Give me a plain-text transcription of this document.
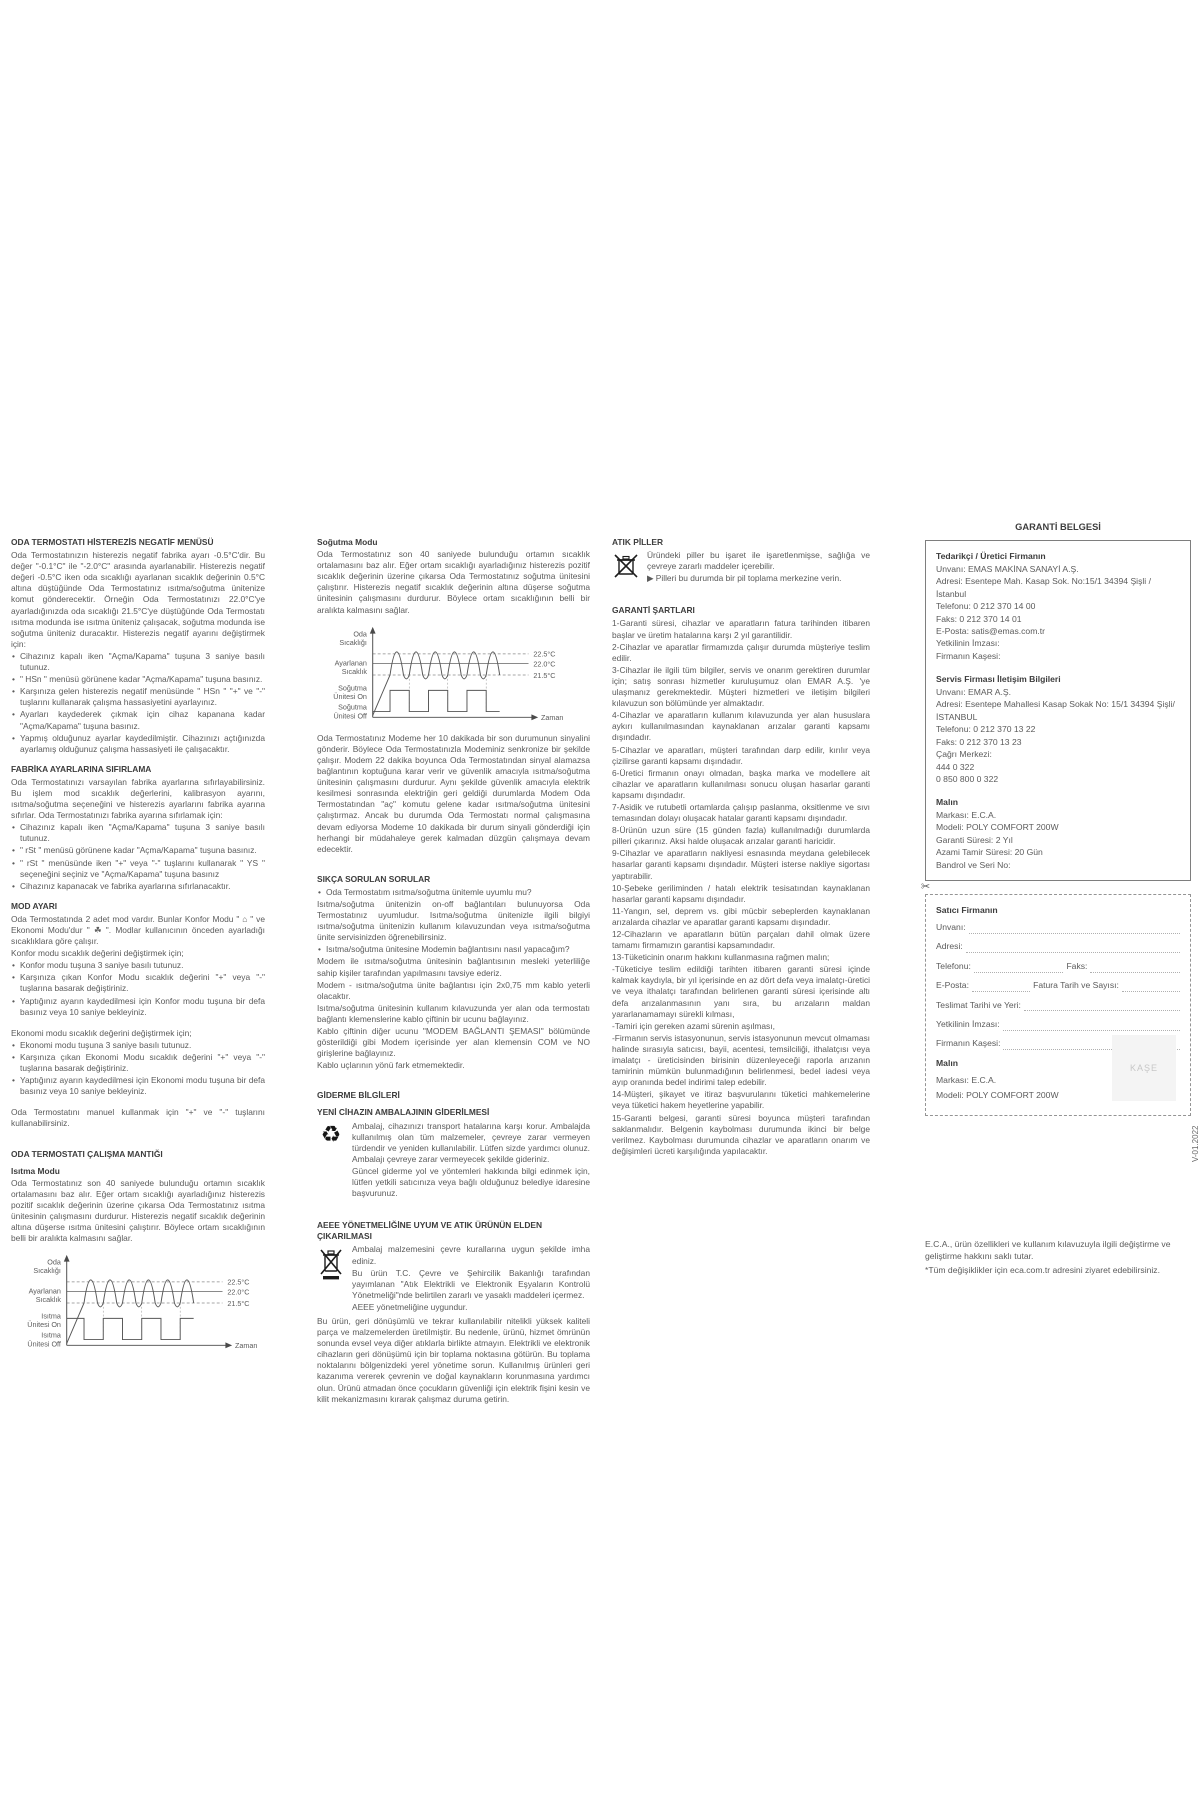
ODA TERMOSTATI HİSTEREZİS NEGATİF MENÜSÜ
Oda Termostatınızın histerezis negatif fabrika ayarı -0.5°C'dir. Bu değer "-0.1°C" ile "-2.0°C" arasında ayarlanabilir. Histerezis negatif değeri -0.5°C iken oda sıcaklığı ayarlanan sıcaklık değerinin 0.5°C altına düştüğünde Oda Termostatınız ısıtma/soğutma ünitenize komut gönderecektir. Örneğin Oda Termostatınızı 22.0°C'ye ayarladığınızda oda sıcaklığı 21.5°C'ye düştüğünde Oda Termostatı ısıtma modunda ise ısıtma üniteniz çalışacak, soğutma modunda ise soğutma üniteniz duracaktır. Histerezis negatif ayarını değiştirmek için:
• Cihazınız kapalı iken "Açma/Kapama" tuşuna 3 saniye basılı tutunuz.
• " HSn " menüsü görünene kadar "Açma/Kapama" tuşuna basınız.
• Karşınıza gelen histerezis negatif menüsünde " HSn " "+" ve "-" tuşlarını kullanarak çalışma hassasiyetini ayarlayınız.
• Ayarları kaydederek çıkmak için cihaz kapanana kadar "Açma/Kapama" tuşuna basınız.
• Yapmış olduğunuz ayarlar kaydedilmiştir. Cihazınızı açtığınızda ayarlamış olduğunuz çalışma hassasiyeti ile çalışacaktır.
FABRİKA AYARLARINA SIFIRLAMA
Oda Termostatınızı varsayılan fabrika ayarlarına sıfırlayabilirsiniz. Bu işlem mod sıcaklık değerlerini, kalibrasyon ayarını, ısıtma/soğutma seçeneğini ve histerezis ayarlarını fabrika ayarına sıfırlar. Oda Termostatınızı fabrika ayarına sıfırlamak için:
• Cihazınız kapalı iken "Açma/Kapama" tuşuna 3 saniye basılı tutunuz.
• " rSt " menüsü görünene kadar "Açma/Kapama" tuşuna basınız.
• " rSt " menüsünde iken "+" veya "-" tuşlarını kullanarak " YS " seçeneğini seçiniz ve "Açma/Kapama" tuşuna basınız
• Cihazınız kapanacak ve fabrika ayarlarına sıfırlanacaktır.
MOD AYARI
Oda Termostatında 2 adet mod vardır. Bunlar Konfor Modu " ⌂ " ve Ekonomi Modu'dur " ☘ ". Modlar kullanıcının önceden ayarladığı sıcaklıklara göre çalışır.
Konfor modu sıcaklık değerini değiştirmek için;
• Konfor modu tuşuna 3 saniye basılı tutunuz.
• Karşınıza çıkan Konfor Modu sıcaklık değerini "+" veya "-" tuşlarına basarak değiştiriniz.
• Yaptığınız ayarın kaydedilmesi için Konfor modu tuşuna bir defa basınız veya 10 saniye bekleyiniz.
Ekonomi modu sıcaklık değerini değiştirmek için;
• Ekonomi modu tuşuna 3 saniye basılı tutunuz.
• Karşınıza çıkan Ekonomi Modu sıcaklık değerini "+" veya "-" tuşlarına basarak değiştiriniz.
• Yaptığınız ayarın kaydedilmesi için Ekonomi modu tuşuna bir defa basınız veya 10 saniye bekleyiniz.
Oda Termostatını manuel kullanmak için "+" ve "-" tuşlarını kullanabilirsiniz.
ODA TERMOSTATI ÇALIŞMA MANTIĞI
Isıtma Modu
Oda Termostatınız son 40 saniyede bulunduğu ortamın sıcaklık ortalamasını baz alır. Eğer ortam sıcaklığı ayarladığınız histerezis pozitif sıcaklık değerinin üzerine çıkarsa Oda Termostatınız ısıtma ünitesinin çalışmasını durdurur. Histerezis negatif sıcaklık değerinin altına düşerse ısıtma ünitesini çalıştırır. Böylece ortam sıcaklığının belli bir aralıkta kalmasını sağlar.
Oda
Sıcaklığı
Ayarlanan
Sıcaklık
Isıtma
Ünitesi On
Isıtma
Ünitesi Off	Zaman
22.5°C
22.0°C
21.5°C
Soğutma Modu
Oda Termostatınız son 40 saniyede bulunduğu ortamın sıcaklık ortalamasını baz alır. Eğer ortam sıcaklığı ayarladığınız histerezis pozitif sıcaklık değerinin üzerine çıkarsa Oda Termostatınız soğutma ünitesini çalıştırır. Histerezis negatif sıcaklık değerinin altına düşerse soğutma ünitesinin çalışmasını durdurur. Böylece ortam sıcaklığının belli bir aralıkta kalmasını sağlar.
Oda
Sıcaklığı
Ayarlanan
Sıcaklık
Soğutma
Ünitesi On
Soğutma
Ünitesi Off	Zaman
22.5°C
22.0°C
21.5°C
Oda Termostatınız Modeme her 10 dakikada bir son durumunun sinyalini gönderir. Böylece Oda Termostatınızla Modeminiz senkronize bir şekilde çalışır. Modem 22 dakika boyunca Oda Termostatından sinyal alamazsa bağlantının koptuğuna karar verir ve güvenlik amacıyla ısıtma/soğutma ünitesinin çalışmasını durdurur. Aynı şekilde güvenlik amacıyla elektrik kesilmesi sonrasında elektriğin geri geldiği durumlarda Modem Oda Termostatından "aç" komutu gelene kadar ısıtma/soğutma ünitesini çalıştırmaz. Ancak bu durumda Oda Termostatı normal çalışmasına devam ediyorsa Modeme 10 dakikada bir durum sinyali gönderdiği için herhangi bir müdahaleye gerek kalmadan düzgün çalışmaya devam edecektir.
SIKÇA SORULAN SORULAR
• Oda Termostatım ısıtma/soğutma ünitemle uyumlu mu?
Isıtma/soğutma ünitenizin on-off bağlantıları bulunuyorsa Oda Termostatınız uyumludur. Isıtma/soğutma ünitenizle ilgili bilgiyi ısıtma/soğutma ünitenizin kullanım kılavuzundan veya ısıtma/soğutma ünite servisinizden öğrenebilirsiniz.
• Isıtma/soğutma ünitesine Modemin bağlantısını nasıl yapacağım?
Modem ile ısıtma/soğutma ünitesinin bağlantısının mesleki yeterliliğe sahip kişiler tarafından yapılmasını tavsiye ederiz.
Modem - ısıtma/soğutma ünite bağlantısı için 2x0,75 mm kablo yeterli olacaktır.
Isıtma/soğutma ünitesinin kullanım kılavuzunda yer alan oda termostatı bağlantı klemenslerine kablo çiftinin bir ucunu bağlayınız.
Kablo çiftinin diğer ucunu "MODEM BAĞLANTI ŞEMASI" bölümünde gösterildiği gibi Modem içerisinde yer alan klemensin COM ve NO girişlerine bağlayınız.
Kablo uçlarının yönü fark etmemektedir.
GİDERME BİLGİLERİ
YENİ CİHAZIN AMBALAJININ GİDERİLMESİ
♻ Ambalaj, cihazınızı transport hatalarına karşı korur. Ambalajda kullanılmış olan tüm malzemeler, çevreye zarar vermeyen türdendir ve yeniden kullanılabilir. Lütfen sizde yardımcı olunuz. Ambalajı çevreye zarar vermeyecek şekilde gideriniz.
Güncel giderme yol ve yöntemleri hakkında bilgi edinmek için, lütfen yetkili satıcınıza veya bağlı olduğunuz belediye idaresine başvurunuz.
AEEE YÖNETMELİĞİNE UYUM VE ATIK ÜRÜNÜN ELDEN ÇIKARILMASI
Ambalaj malzemesini çevre kurallarına uygun şekilde imha ediniz.
Bu ürün T.C. Çevre ve Şehircilik Bakanlığı tarafından yayımlanan "Atık Elektrikli ve Elektronik Eşyaların Kontrolü Yönetmeliği"nde belirtilen zararlı ve yasaklı maddeleri içermez.
AEEE yönetmeliğine uygundur.
Bu ürün, geri dönüşümlü ve tekrar kullanılabilir nitelikli yüksek kaliteli parça ve malzemelerden üretilmiştir. Bu nedenle, ürünü, hizmet ömrünün sonunda evsel veya diğer atıklarla birlikte atmayın. Elektrikli ve elektronik cihazların geri dönüşümü için bir toplama noktasına götürün. Bu toplama noktalarını bölgenizdeki yerel yönetime sorun. Kullanılmış ürünleri geri kazanıma vererek çevrenin ve doğal kaynakların korunmasına yardımcı olun. Ürünü atmadan önce çocukların güvenliği için elektrik fişini kesin ve kilit mekanizmasını kırarak çalışmaz duruma getirin.
ATIK PİLLER
Üründeki piller bu işaret ile işaretlenmişse, sağlığa ve çevreye zararlı maddeler içerebilir.
▶ Pilleri bu durumda bir pil toplama merkezine verin.
GARANTİ ŞARTLARI
1-Garanti süresi, cihazlar ve aparatların fatura tarihinden itibaren başlar ve üretim hatalarına karşı 2 yıl garantilidir.
2-Cihazlar ve aparatlar firmamızda çalışır durumda müşteriye teslim edilir.
3-Cihazlar ile ilgili tüm bilgiler, servis ve onarım gerektiren durumlar için; satış sonrası hizmetler kuruluşumuz olan EMAR A.Ş. 'ye ulaşmanız gerekmektedir. Müşteri hizmetleri ve iletişim bilgileri kılavuzun son bölümünde yer almaktadır.
4-Cihazlar ve aparatların kullanım kılavuzunda yer alan hususlara aykırı kullanılmasından kaynaklanan arızalar garanti kapsamı dışındadır.
5-Cihazlar ve aparatları, müşteri tarafından darp edilir, kırılır veya çizilirse garanti kapsamı dışındadır.
6-Üretici firmanın onayı olmadan, başka marka ve modellere ait cihazlar ve aparatların kullanılması sonucu oluşan hasarlar garanti kapsamı dışındadır.
7-Asidik ve rutubetli ortamlarda çalışıp paslanma, oksitlenme ve sıvı temasından dolayı oluşacak hatalar garanti kapsamı dışındadır.
8-Ürünün uzun süre (15 günden fazla) kullanılmadığı durumlarda pilleri çıkarınız. Aksi halde oluşacak arızalar garanti haricidir.
9-Cihazlar ve aparatların nakliyesi esnasında meydana gelebilecek hasarlar garanti kapsamı dışındadır. Müşteri isterse nakliye sigortası yaptırabilir.
10-Şebeke geriliminden / hatalı elektrik tesisatından kaynaklanan hasarlar garanti kapsamı dışındadır.
11-Yangın, sel, deprem vs. gibi mücbir sebeplerden kaynaklanan arızalarda cihazlar ve aparatlar garanti kapsamı dışındadır.
12-Cihazların ve aparatların bütün parçaları dahil olmak üzere tamamı firmamızın garantisi kapsamındadır.
13-Tüketicinin onarım hakkını kullanmasına rağmen malın;
-Tüketiciye teslim edildiği tarihten itibaren garanti süresi içinde kalmak kaydıyla, bir yıl içerisinde en az dört defa veya imalatçı-üretici ve veya ithalatçı tarafından belirlenen garanti süresi içerisinde altı defa arızalanmasının yanı sıra, bu arızaların maldan yararlanamamayı sürekli kılması,
-Tamiri için gereken azami sürenin aşılması,
-Firmanın servis istasyonunun, servis istasyonunun mevcut olmaması halinde sırasıyla satıcısı, bayii, acentesi, temsilciliği, ithalatçısı veya imalatçı - üreticisinden birisinin düzenleyeceği raporla arızanın tamirinin mümkün bulunmadığının belirlenmesi, bedel iadesi veya ayıp oranında bedel indirimi talep edebilir.
14-Müşteri, şikayet ve itiraz başvurularını tüketici mahkemelerine veya tüketici hakem heyetlerine yapabilir.
15-Garanti belgesi, garanti süresi boyunca müşteri tarafından saklanmalıdır. Belgenin kaybolması durumunda ikinci bir belge verilmez. Kaybolması durumunda cihazlar ve aparatların onarım ve değişimleri ücreti karşılığında yapılacaktır.
GARANTİ BELGESİ
Tedarikçi / Üretici Firmanın
Unvanı: EMAS MAKİNA SANAYİ A.Ş.
Adresi: Esentepe Mah. Kasap Sok. No:15/1 34394 Şişli / İstanbul
Telefonu: 0 212 370 14 00
Faks: 0 212 370 14 01
E-Posta: satis@emas.com.tr
Yetkilinin İmzası:
Firmanın Kaşesi:
Servis Firması İletişim Bilgileri
Unvanı: EMAR A.Ş.
Adresi: Esentepe Mahallesi Kasap Sokak No: 15/1 34394 Şişli/İSTANBUL
Telefonu: 0 212 370 13 22
Faks: 0 212 370 13 23
Çağrı Merkezi:
444 0 322
0 850 800 0 322
Malın
Markası: E.C.A.
Modeli: POLY COMFORT 200W
Garanti Süresi: 2 Yıl
Azami Tamir Süresi: 20 Gün
Bandrol ve Seri No:
✂
Satıcı Firmanın
Unvanı:
Adresi:
Telefonu:	Faks:
E-Posta:	Fatura Tarih ve Sayısı:
Teslimat Tarihi ve Yeri:
Yetkilinin İmzası:
Firmanın Kaşesi:
Malın
Markası: E.C.A.
Modeli: POLY COMFORT 200W
KAŞE
V-01.2022
E.C.A., ürün özellikleri ve kullanım kılavuzuyla ilgili değiştirme ve geliştirme hakkını saklı tutar.
*Tüm değişiklikler için eca.com.tr adresini ziyaret edebilirsiniz.
